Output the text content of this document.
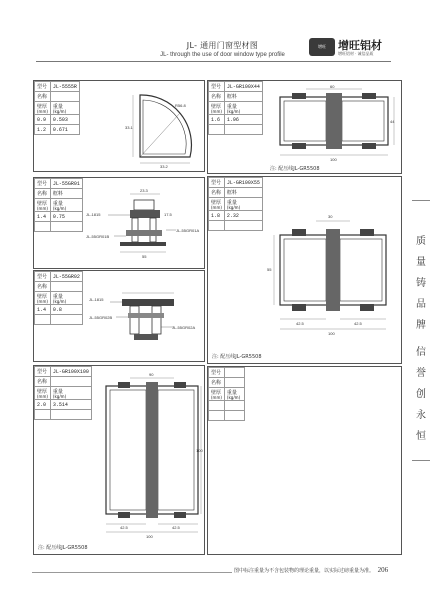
JL- 通用门窗型材图
JL- through the use of door window type profile
增旺	增旺铝材
增旺铝材 · 诚信品质
型号	JL-5555R
名称	
壁厚
(mm)	重量
(kg/m)

0.9	0.503
1.2	0.671
R56.8
33.1
33.2
型号	JL-55GR01
名称	框料
壁厚
(mm)	重量
(kg/m)

1.4	0.75

23.3
17.5
55
JL-1815
JL-55GR01B
JL-55GR01A
型号	JL-55GR02
名称	
壁厚
(mm)	重量
(kg/m)

1.4	0.8

JL-1815
JL-55GR02B
JL-55GR02A
型号	JL-GR100X100
名称	
壁厚
(mm)	重量
(kg/m)

2.0	3.514

90
100
42.5	42.5
100
注: 配压线JL-GR5508
型号	JL-GR100X44
名称	框料
壁厚
(mm)	重量
(kg/m)

1.6	1.96

60
100
44
注: 配压线JL-GR5508
型号	JL-GR100X55
名称	框料
壁厚
(mm)	重量
(kg/m)

1.8	2.32
		30
55
42.5	42.5
100
注: 配压线JL-GR5508
型号	
名称	
壁厚
(mm)	重量
(kg/m)

质
量
铸
品
牌
信
誉
创
永
恒
图中标注重量为不含包装物的理论重量，以实际过磅重量为准。 206
